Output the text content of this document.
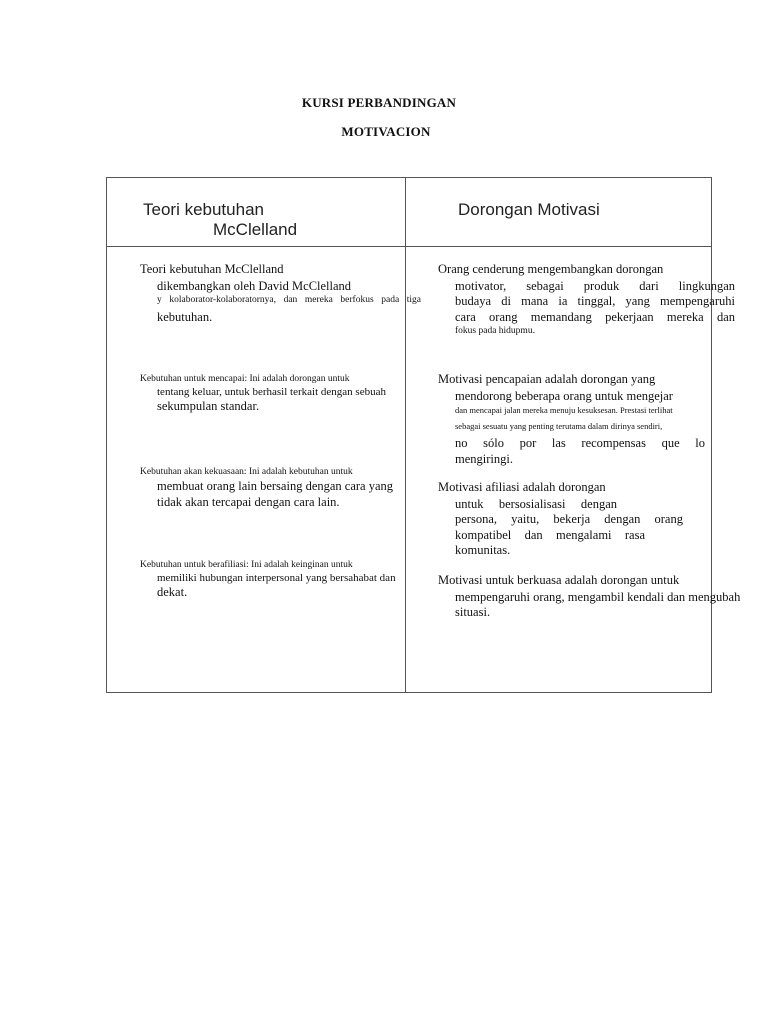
KURSI PERBANDINGAN
MOTIVACION
Teori kebutuhan
McClelland
Dorongan Motivasi
Teori kebutuhan McClelland
dikembangkan oleh David McClelland
y kolaborator-kolaboratornya, dan mereka berfokus pada tiga
kebutuhan.
Kebutuhan untuk mencapai: Ini adalah dorongan untuk
tentang keluar, untuk berhasil terkait dengan sebuah
sekumpulan standar.
Kebutuhan akan kekuasaan: Ini adalah kebutuhan untuk
membuat orang lain bersaing dengan cara yang
tidak akan tercapai dengan cara lain.
Kebutuhan untuk berafiliasi: Ini adalah keinginan untuk
memiliki hubungan interpersonal yang bersahabat dan
dekat.
Orang cenderung mengembangkan dorongan
motivator, sebagai produk dari lingkungan
budaya di mana ia tinggal, yang mempengaruhi
cara orang memandang pekerjaan mereka dan
fokus pada hidupmu.
Motivasi pencapaian adalah dorongan yang
mendorong beberapa orang untuk mengejar
dan mencapai jalan mereka menuju kesuksesan. Prestasi terlihat
sebagai sesuatu yang penting terutama dalam dirinya sendiri,
no sólo por las recompensas que lo
mengiringi.
Motivasi afiliasi adalah dorongan
untuk bersosialisasi dengan
persona, yaitu, bekerja dengan orang
kompatibel dan mengalami rasa
komunitas.
Motivasi untuk berkuasa adalah dorongan untuk
mempengaruhi orang, mengambil kendali dan mengubah
situasi.
